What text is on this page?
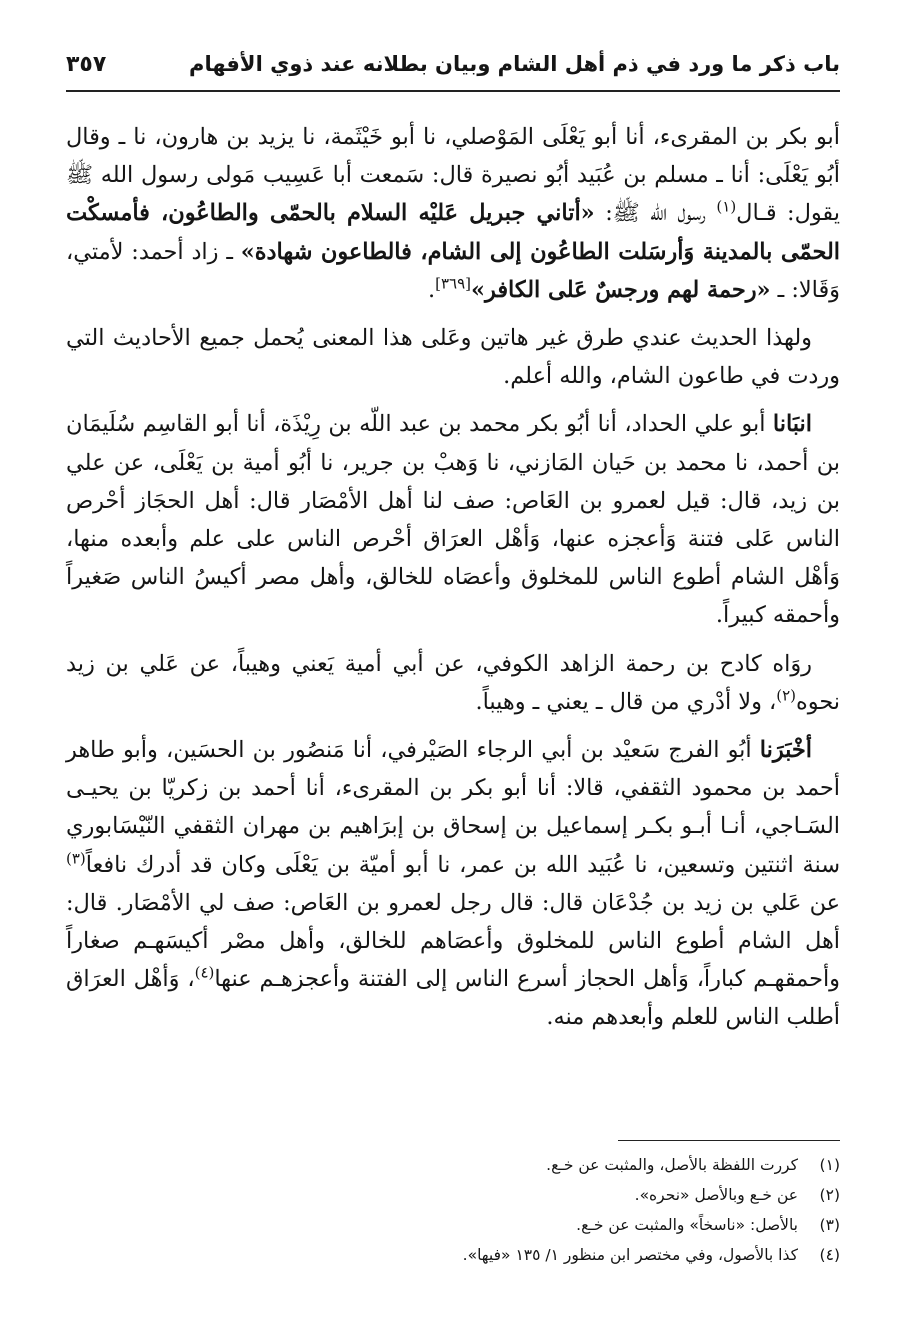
باب ذكر ما ورد في ذم أهل الشام وبيان بطلانه عند ذوي الأفهام
٣٥٧

أبو بكر بن المقرىء، أنا أبو يَعْلَى المَوْصلي، نا أبو خَيْثَمة، نا يزيد بن هارون، نا ـ وقال أبُو يَعْلَى: أنا ـ مسلم بن عُبَيد أبُو نصيرة قال: سَمعت أبا عَسِيب مَولى رسول الله ﷺ يقول: قـال$^{(١)}$ رسول الله ﷺ: «أتاني جبريل عَليْه السلام بالحمّى والطاعُون، فأمسكْت الحمّى بالمدينة وَأرسَلت الطاعُون إلى الشام، فالطاعون شهادة» ـ زاد أحمد: لأمتي، وَقَالا: ـ «رحمة لهم ورجسٌ عَلى الكافر»[٣٦٩].

ولهذا الحديث عندي طرق غير هاتين وعَلى هذا المعنى يُحمل جميع الأحاديث التي وردت في طاعون الشام، والله أعلم.

انبَانا أبو علي الحداد، أنا أبُو بكر محمد بن عبد اللّه بن رِيْذَة، أنا أبو القاسِم سُلَيمَان بن أحمد، نا محمد بن حَيان المَازني، نا وَهبْ بن جرير، نا أبُو أمية بن يَعْلَى، عن علي بن زيد، قال: قيل لعمرو بن العَاص: صف لنا أهل الأمْصَار قال: أهل الحجَاز أحْرص الناس عَلى فتنة وَأعجزه عنها، وَأهْل العرَاق أحْرص الناس على علم وأبعده منها، وَأهْل الشام أطوع الناس للمخلوق وأعصَاه للخالق، وأهل مصر أكيسُ الناس صَغيراً وأحمقه كبيراً.

روَاه كادح بن رحمة الزاهد الكوفي، عن أبي أمية يَعني وهيباً، عن عَلي بن زيد نحوه$^{(٢)}$، ولا أدْري من قال ـ يعني ـ وهيباً.

أخْبَرَنا أبُو الفرج سَعيْد بن أبي الرجاء الصَيْرفي، أنا مَنصُور بن الحسَين، وأبو طاهر أحمد بن محمود الثقفي، قالا: أنا أبو بكر بن المقرىء، أنا أحمد بن زكريّا بن يحيـى السَـاجي، أنـا أبـو بكـر إسماعيل بن إسحاق بن إبرَاهيم بن مهران الثقفي النّيْسَابوري سنة اثنتين وتسعين، نا عُبَيد الله بن عمر، نا أبو أميّة بن يَعْلَى وكان قد أدرك نافعاً$^{(٣)}$ عن عَلي بن زيد بن جُدْعَان قال: قال رجل لعمرو بن العَاص: صف لي الأمْصَار. قال: أهل الشام أطوع الناس للمخلوق وأعصَاهم للخالق، وأهل مصْر أكيسَهـم صغاراً وأحمقهـم كباراً، وَأهل الحجاز أسرع الناس إلى الفتنة وأعجزهـم عنها$^{(٤)}$، وَأهْل العرَاق أطلب الناس للعلم وأبعدهم منه.

(١)
كررت اللفظة بالأصل، والمثبت عن خـع.
(٢)
عن خـع وبالأصل «نحره».
(٣)
بالأصل: «ناسخاً» والمثبت عن خـع.
(٤)
كذا بالأصول، وفي مختصر ابن منظور ١/ ١٣٥ «فيها».
